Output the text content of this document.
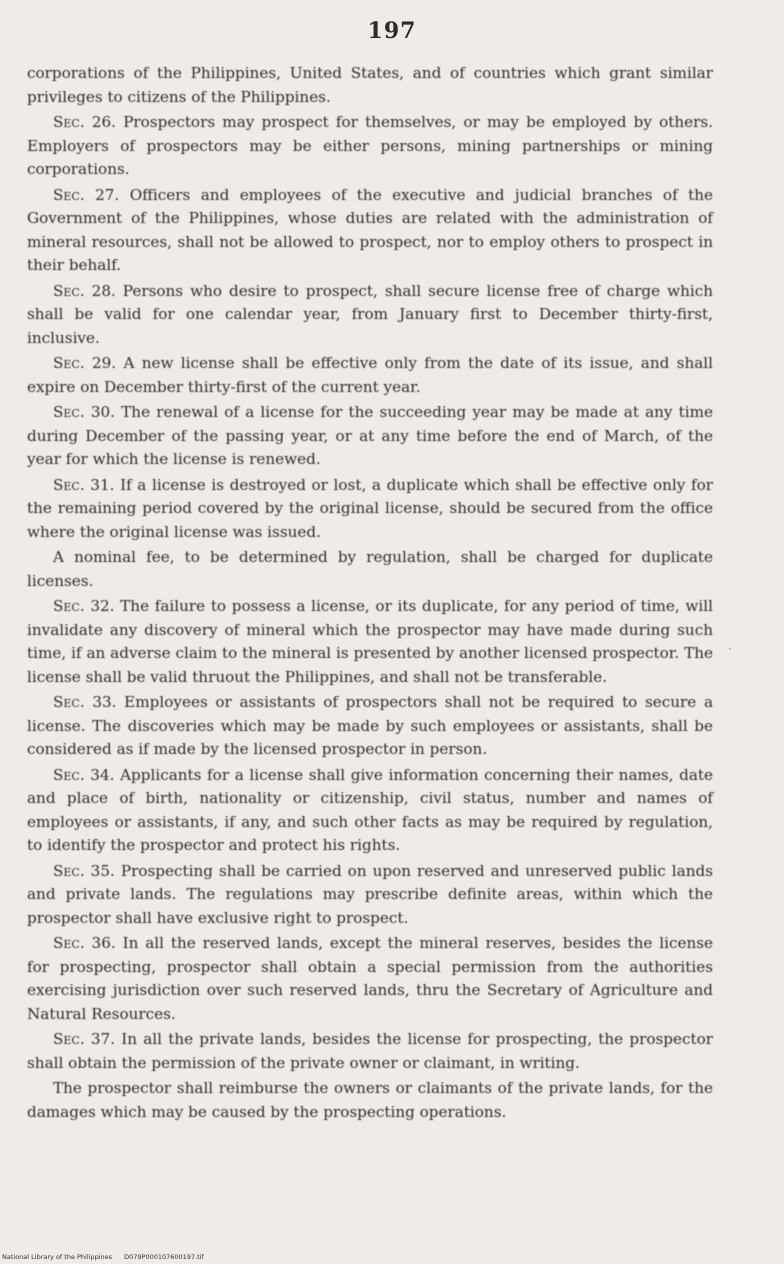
197

corporations of the Philippines, United States, and of countries which grant similar privileges to citizens of the Philippines.

Sec. 26. Prospectors may prospect for themselves, or may be employed by others. Employers of prospectors may be either persons, mining partnerships or mining corporations.

Sec. 27. Officers and employees of the executive and judicial branches of the Government of the Philippines, whose duties are related with the administration of mineral resources, shall not be allowed to prospect, nor to employ others to prospect in their behalf.

Sec. 28. Persons who desire to prospect, shall secure license free of charge which shall be valid for one calendar year, from January first to December thirty-first, inclusive.

Sec. 29. A new license shall be effective only from the date of its issue, and shall expire on December thirty-first of the current year.

Sec. 30. The renewal of a license for the succeeding year may be made at any time during December of the passing year, or at any time before the end of March, of the year for which the license is renewed.

Sec. 31. If a license is destroyed or lost, a duplicate which shall be effective only for the remaining period covered by the original license, should be secured from the office where the original license was issued.

A nominal fee, to be determined by regulation, shall be charged for duplicate licenses.

Sec. 32. The failure to possess a license, or its duplicate, for any period of time, will invalidate any discovery of mineral which the prospector may have made during such time, if an adverse claim to the mineral is presented by another licensed prospector. The license shall be valid thruout the Philippines, and shall not be transferable.

Sec. 33. Employees or assistants of prospectors shall not be required to secure a license. The discoveries which may be made by such employees or assistants, shall be considered as if made by the licensed prospector in person.

Sec. 34. Applicants for a license shall give information concerning their names, date and place of birth, nationality or citizenship, civil status, number and names of employees or assistants, if any, and such other facts as may be required by regulation, to identify the prospector and protect his rights.

Sec. 35. Prospecting shall be carried on upon reserved and unreserved public lands and private lands. The regulations may prescribe definite areas, within which the prospector shall have exclusive right to prospect.

Sec. 36. In all the reserved lands, except the mineral reserves, besides the license for prospecting, prospector shall obtain a special permission from the authorities exercising jurisdiction over such reserved lands, thru the Secretary of Agriculture and Natural Resources.

Sec. 37. In all the private lands, besides the license for prospecting, the prospector shall obtain the permission of the private owner or claimant, in writing.

The prospector shall reimburse the owners or claimants of the private lands, for the damages which may be caused by the prospecting operations.

·
National Library of the Philippines D079P000107600197.tif
